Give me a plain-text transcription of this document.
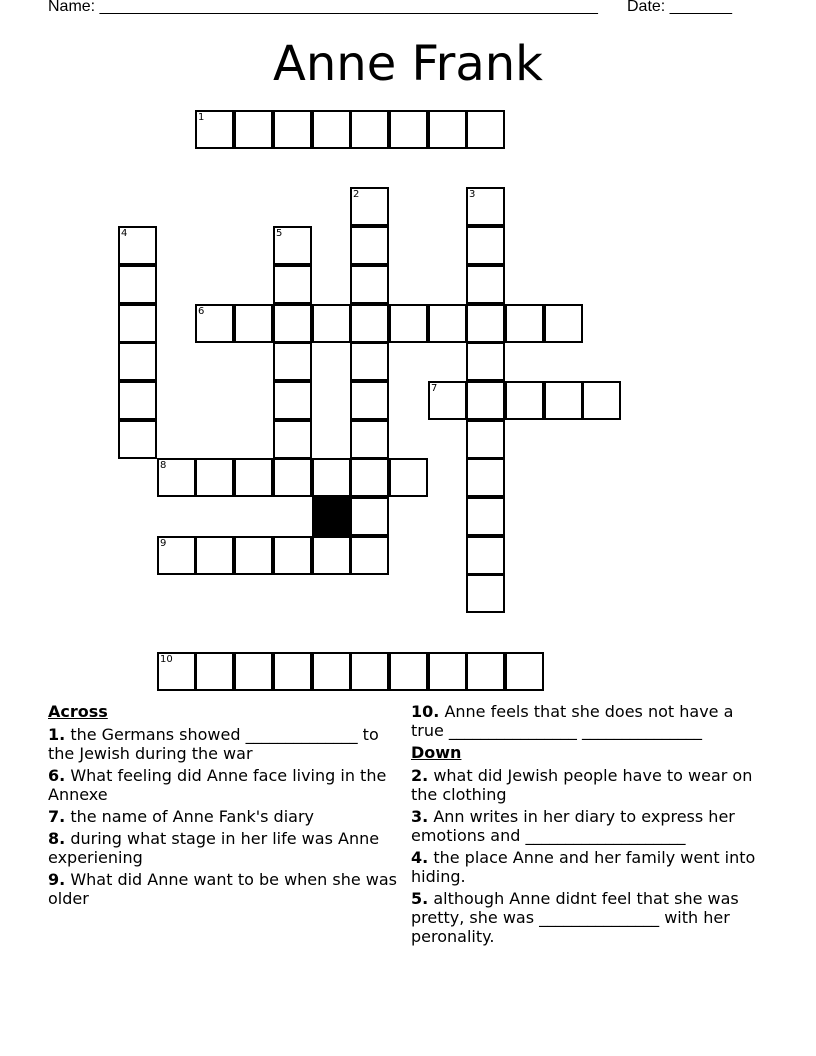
Name: ________________________________________________________ Date: _______
Anne Frank
1
2	3
4	5
6
7
8
9
10
Across
1. the Germans showed ______________ to the Jewish during the war
6. What feeling did Anne face living in the Annexe
7. the name of Anne Fank's diary
8. during what stage in her life was Anne experiening
9. What did Anne want to be when she was older
10. Anne feels that she does not have a true ________________ _______________
Down
2. what did Jewish people have to wear on the clothing
3. Ann writes in her diary to express her emotions and ____________________
4. the place Anne and her family went into hiding.
5. although Anne didnt feel that she was pretty, she was _______________ with her peronality.
